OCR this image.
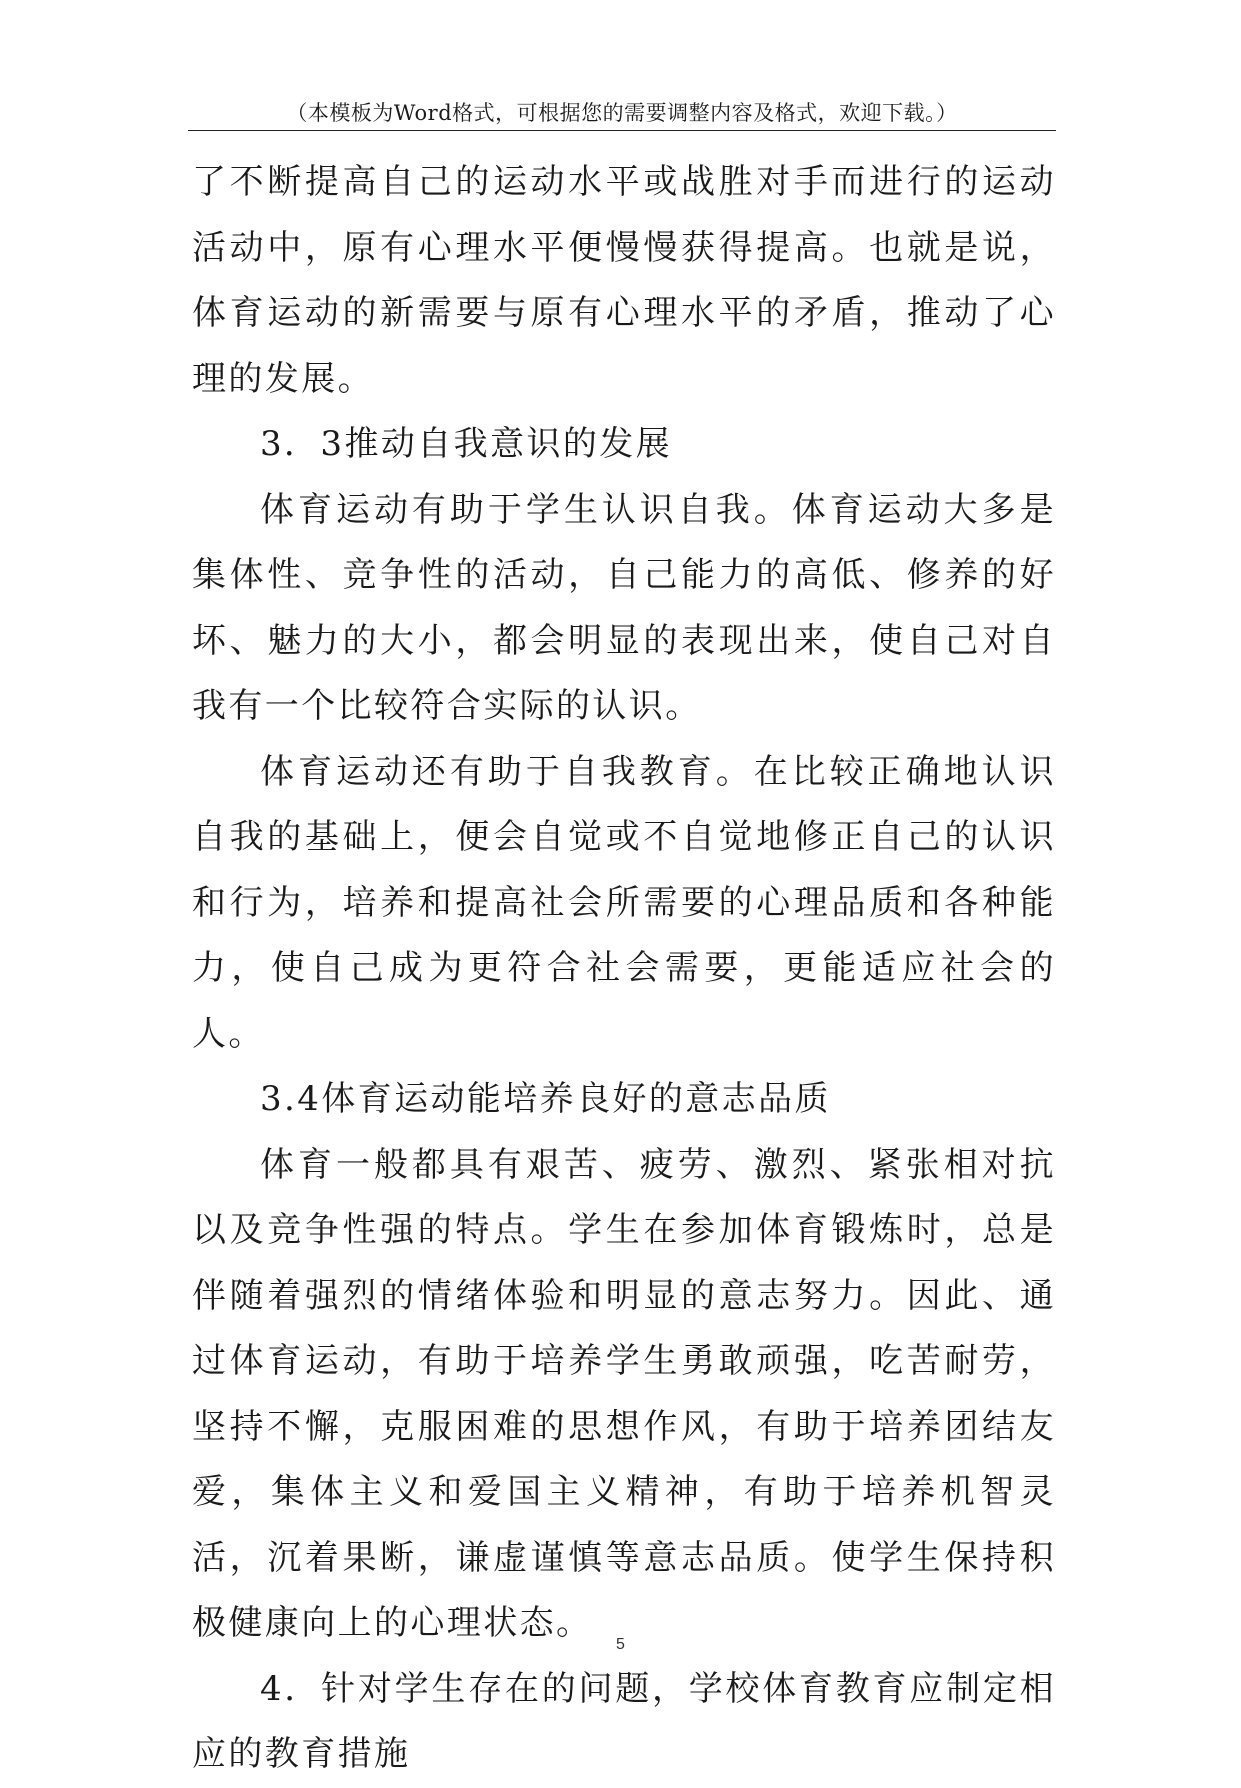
（本模板为Word格式，可根据您的需要调整内容及格式，欢迎下载。）

了不断提高自己的运动水平或战胜对手而进行的运动活动中，原有心理水平便慢慢获得提高。也就是说，体育运动的新需要与原有心理水平的矛盾，推动了心理的发展。

3．3推动自我意识的发展

体育运动有助于学生认识自我。体育运动大多是集体性、竞争性的活动，自己能力的高低、修养的好坏、魅力的大小，都会明显的表现出来，使自己对自我有一个比较符合实际的认识。

体育运动还有助于自我教育。在比较正确地认识自我的基础上，便会自觉或不自觉地修正自己的认识和行为，培养和提高社会所需要的心理品质和各种能力，使自己成为更符合社会需要，更能适应社会的人。

3.4体育运动能培养良好的意志品质

体育一般都具有艰苦、疲劳、激烈、紧张相对抗以及竞争性强的特点。学生在参加体育锻炼时，总是伴随着强烈的情绪体验和明显的意志努力。因此、通过体育运动，有助于培养学生勇敢顽强，吃苦耐劳，坚持不懈，克服困难的思想作风，有助于培养团结友爱，集体主义和爱国主义精神，有助于培养机智灵活，沉着果断，谦虚谨慎等意志品质。使学生保持积极健康向上的心理状态。

4．针对学生存在的问题，学校体育教育应制定相应的教育措施

5
